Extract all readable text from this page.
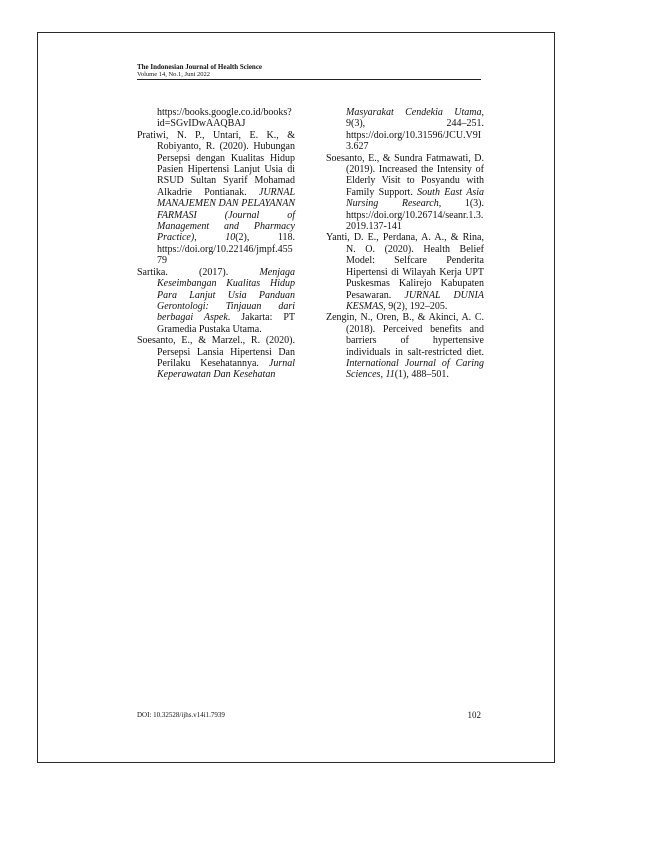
The Indonesian Journal of Health Science
Volume 14, No.1, Juni 2022

https://books.google.co.id/books?id=SGvIDwAAQBAJ

Pratiwi, N. P., Untari, E. K., & Robiyanto, R. (2020). Hubungan Persepsi dengan Kualitas Hidup Pasien Hipertensi Lanjut Usia di RSUD Sultan Syarif Mohamad Alkadrie Pontianak. JURNAL MANAJEMEN DAN PELAYANAN FARMASI (Journal of Management and Pharmacy Practice), 10(2), 118. https://doi.org/10.22146/jmpf.45579

Sartika. (2017). Menjaga Keseimbangan Kualitas Hidup Para Lanjut Usia Panduan Gerontologi: Tinjauan dari berbagai Aspek. Jakarta: PT Gramedia Pustaka Utama.

Soesanto, E., & Marzel., R. (2020). Persepsi Lansia Hipertensi Dan Perilaku Kesehatannya. Jurnal Keperawatan Dan Kesehatan

Masyarakat Cendekia Utama, 9(3), 244–251. https://doi.org/10.31596/JCU.V9I3.627

Soesanto, E., & Sundra Fatmawati, D. (2019). Increased the Intensity of Elderly Visit to Posyandu with Family Support. South East Asia Nursing Research, 1(3). https://doi.org/10.26714/seanr.1.3.2019.137-141

Yanti, D. E., Perdana, A. A., & Rina, N. O. (2020). Health Belief Model: Selfcare Penderita Hipertensi di Wilayah Kerja UPT Puskesmas Kalirejo Kabupaten Pesawaran. JURNAL DUNIA KESMAS, 9(2), 192–205.

Zengin, N., Oren, B., & Akinci, A. C. (2018). Perceived benefits and barriers of hypertensive individuals in salt-restricted diet. International Journal of Caring Sciences, 11(1), 488–501.

DOI: 10.32528/ijhs.v14i1.7939	102
